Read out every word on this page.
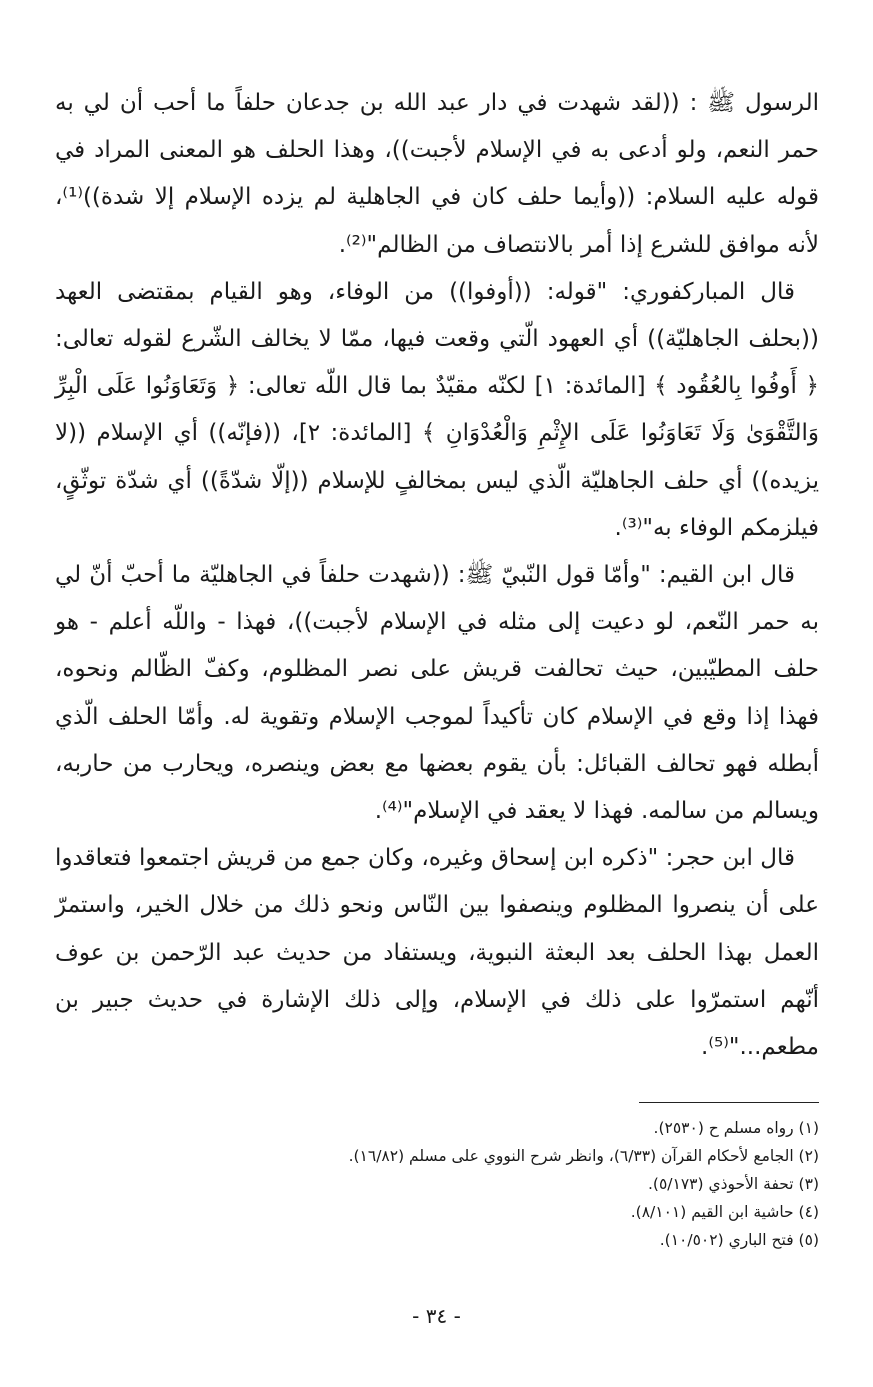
الرسول ﷺ : ((لقد شهدت في دار عبد الله بن جدعان حلفاً ما أحب أن لي به حمر النعم، ولو أدعى به في الإسلام لأجبت))، وهذا الحلف هو المعنى المراد في قوله عليه السلام: ((وأيما حلف كان في الجاهلية لم يزده الإسلام إلا شدة))⁽¹⁾، لأنه موافق للشرع إذا أمر بالانتصاف من الظالم"⁽²⁾.

قال المباركفوري: "قوله: ((أوفوا)) من الوفاء، وهو القيام بمقتضى العهد ((بحلف الجاهليّة)) أي العهود الّتي وقعت فيها، ممّا لا يخالف الشّرع لقوله تعالى: ﴿ أَوفُوا بِالعُقُود ﴾ [المائدة: ١] لكنّه مقيّدٌ بما قال اللّه تعالى: ﴿ وَتَعَاوَنُوا عَلَى الْبِرِّ وَالتَّقْوَىٰ وَلَا تَعَاوَنُوا عَلَى الإِثْمِ وَالْعُدْوَانِ ﴾ [المائدة: ٢]، ((فإنّه)) أي الإسلام ((لا يزيده)) أي حلف الجاهليّة الّذي ليس بمخالفٍ للإسلام ((إلّا شدّةً)) أي شدّة توثّقٍ، فيلزمكم الوفاء به"⁽³⁾.

قال ابن القيم: "وأمّا قول النّبيّ ﷺ: ((شهدت حلفاً في الجاهليّة ما أحبّ أنّ لي به حمر النّعم، لو دعيت إلى مثله في الإسلام لأجبت))، فهذا - واللّه أعلم - هو حلف المطيّبين، حيث تحالفت قريش على نصر المظلوم، وكفّ الظّالم ونحوه، فهذا إذا وقع في الإسلام كان تأكيداً لموجب الإسلام وتقوية له. وأمّا الحلف الّذي أبطله فهو تحالف القبائل: بأن يقوم بعضها مع بعض وينصره، ويحارب من حاربه، ويسالم من سالمه. فهذا لا يعقد في الإسلام"⁽⁴⁾.

قال ابن حجر: "ذكره ابن إسحاق وغيره، وكان جمع من قريش اجتمعوا فتعاقدوا على أن ينصروا المظلوم وينصفوا بين النّاس ونحو ذلك من خلال الخير، واستمرّ العمل بهذا الحلف بعد البعثة النبوية، ويستفاد من حديث عبد الرّحمن بن عوف أنّهم استمرّوا على ذلك في الإسلام، وإلى ذلك الإشارة في حديث جبير بن مطعم..."⁽⁵⁾.

(١) رواه مسلم ح (٢٥٣٠).

(٢) الجامع لأحكام القرآن (٦/٣٣)، وانظر شرح النووي على مسلم (١٦/٨٢).

(٣) تحفة الأحوذي (٥/١٧٣).

(٤) حاشية ابن القيم (٨/١٠١).

(٥) فتح الباري (١٠/٥٠٢).

- ٣٤ -
